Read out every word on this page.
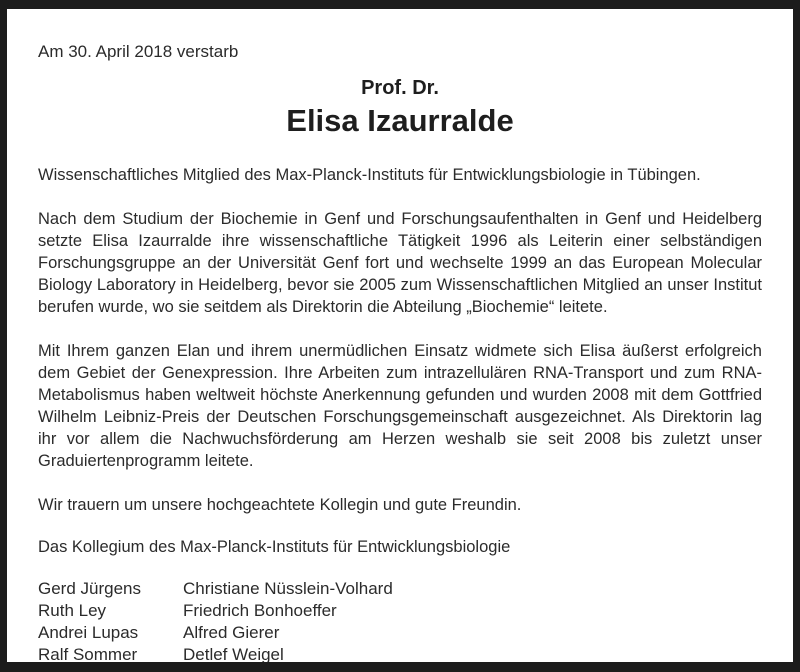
Am 30. April 2018 verstarb

Prof. Dr.
Elisa Izaurralde

Wissenschaftliches Mitglied des Max-Planck-Instituts für Entwicklungsbiologie in Tübingen.

Nach dem Studium der Biochemie in Genf und Forschungsaufenthalten in Genf und Heidelberg setzte Elisa Izaurralde ihre wissenschaftliche Tätigkeit 1996 als Leiterin einer selbständigen Forschungsgruppe an der Universität Genf fort und wechselte 1999 an das European Molecular Biology Laboratory in Heidelberg, bevor sie 2005 zum Wissenschaftlichen Mitglied an unser Institut berufen wurde, wo sie seitdem als Direktorin die Abteilung „Biochemie“ leitete.

Mit Ihrem ganzen Elan und ihrem unermüdlichen Einsatz widmete sich Elisa äußerst erfolgreich dem Gebiet der Genexpression. Ihre Arbeiten zum intrazellulären RNA-Transport und zum RNA-Metabolismus haben weltweit höchste Anerkennung gefunden und wurden 2008 mit dem Gottfried Wilhelm Leibniz-Preis der Deutschen Forschungsgemeinschaft ausgezeichnet. Als Direktorin lag ihr vor allem die Nachwuchsförderung am Herzen weshalb sie seit 2008 bis zuletzt unser Graduiertenprogramm leitete.

Wir trauern um unsere hochgeachtete Kollegin und gute Freundin.

Das Kollegium des Max-Planck-Instituts für Entwicklungsbiologie

Gerd Jürgens	Christiane Nüsslein-Volhard
Ruth Ley	Friedrich Bonhoeffer
Andrei Lupas	Alfred Gierer
Ralf Sommer	Detlef Weigel
